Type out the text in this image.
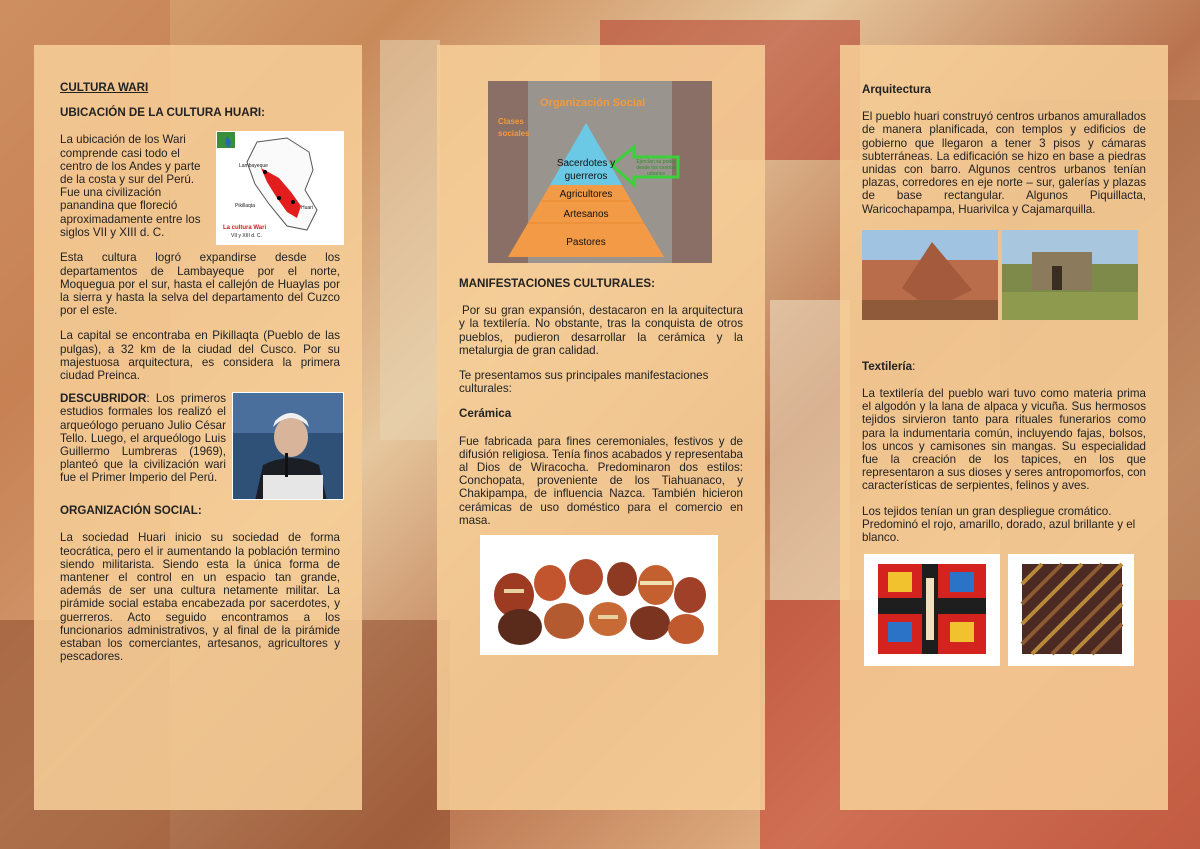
CULTURA WARI
UBICACIÓN DE LA CULTURA HUARI:
Lambayeque
Pikillaqta	Huari
La cultura Wari
VII y XIII d. C.

La ubicación de los Wari comprende casi todo el centro de los Andes y parte de la costa y sur del Perú. Fue una civilización panandina que floreció aproximadamente entre los siglos VII y XIII d. C.

Esta cultura logró expandirse desde los departamentos de Lambayeque por el norte, Moquegua por el sur, hasta el callejón de Huaylas por la sierra y hasta la selva del departamento del Cuzco por el este.

La capital se encontraba en Pikillaqta (Pueblo de las pulgas), a 32 km de la ciudad del Cusco. Por su majestuosa arquitectura, es considera la primera ciudad Preinca.

DESCUBRIDOR: Los primeros estudios formales los realizó el arqueólogo peruano Julio César Tello. Luego, el arqueólogo Luis Guillermo Lumbreras (1969), planteó que la civilización wari fue el Primer Imperio del Perú.

ORGANIZACIÓN SOCIAL:

La sociedad Huari inicio su sociedad de forma teocrática, pero el ir aumentando la población termino siendo militarista. Siendo esta la única forma de mantener el control en un espacio tan grande, además de ser una cultura netamente militar. La pirámide social estaba encabezada por sacerdotes, y guerreros. Acto seguido encontramos a los funcionarios administrativos, y al final de la pirámide estaban los comerciantes, artesanos, agricultores y pescadores.

Organización Social
Clases
sociales
Sacerdotes y
guerreros
Agricultores
Artesanos
Pastores
Ejercían su poder
desde los centros
urbanos
MANIFESTACIONES CULTURALES:

Por su gran expansión, destacaron en la arquitectura y la textilería. No obstante, tras la conquista de otros pueblos, pudieron desarrollar la cerámica y la metalurgia de gran calidad.

Te presentamos sus principales manifestaciones culturales:

Cerámica

Fue fabricada para fines ceremoniales, festivos y de difusión religiosa. Tenía finos acabados y representaba al Dios de Wiracocha. Predominaron dos estilos: Conchopata, proveniente de los Tiahuanaco, y Chakipampa, de influencia Nazca. También hicieron cerámicas de uso doméstico para el comercio en masa.

Arquitectura

El pueblo huari construyó centros urbanos amurallados de manera planificada, con templos y edificios de gobierno que llegaron a tener 3 pisos y cámaras subterráneas. La edificación se hizo en base a piedras unidas con barro. Algunos centros urbanos tenían plazas, corredores en eje norte – sur, galerías y plazas de base rectangular. Algunos Piquillacta, Waricochapampa, Huarivilca y Cajamarquilla.

Textilería:

La textilería del pueblo wari tuvo como materia prima el algodón y la lana de alpaca y vicuña. Sus hermosos tejidos sirvieron tanto para rituales funerarios como para la indumentaria común, incluyendo fajas, bolsos, los uncos y camisones sin mangas. Su especialidad fue la creación de los tapices, en los que representaron a sus dioses y seres antropomorfos, con características de serpientes, felinos y aves.

Los tejidos tenían un gran despliegue cromático. Predominó el rojo, amarillo, dorado, azul brillante y el blanco.
